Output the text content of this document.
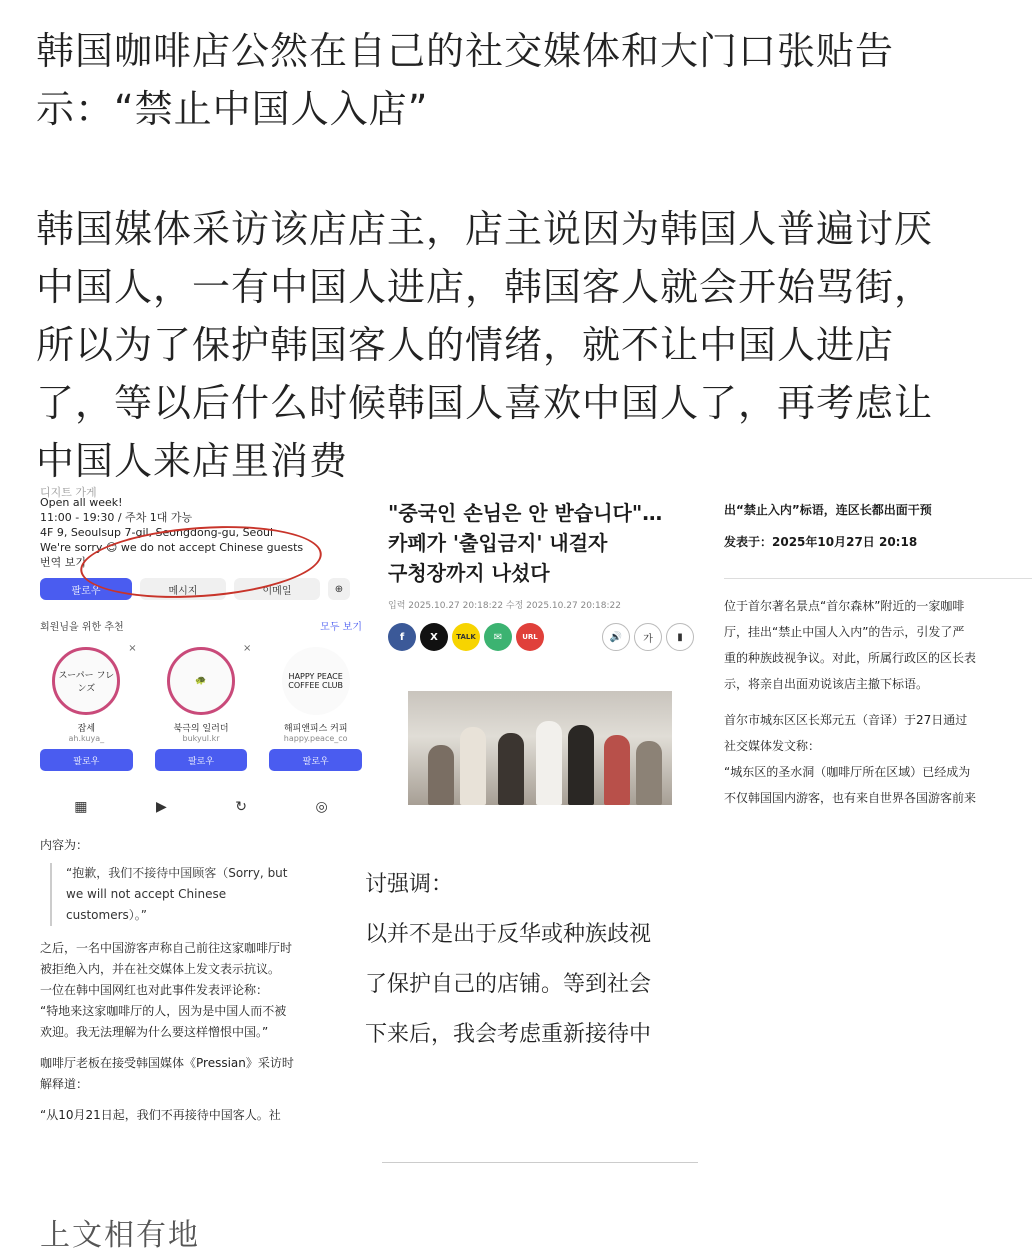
韩国咖啡店公然在自己的社交媒体和大门口张贴告
示：“禁止中国人入店”
韩国媒体采访该店店主，店主说因为韩国人普遍讨厌
中国人，一有中国人进店，韩国客人就会开始骂街，
所以为了保护韩国客人的情绪，就不让中国人进店
了，等以后什么时候韩国人喜欢中国人了，再考虑让
中国人来店里消费
디지트 가게
Open all week!
11:00 - 19:30 / 주차 1대 가능
4F 9, Seoulsup 7-gil, Seongdong-gu, Seoul
We're sorry 😊 we do not accept Chinese guests
번역 보기
팔로우	메시지	이메일	⊕
회원님을 위한 추천	모두 보기
×
スーパー フレンズ
잡세
ah.kuya_
팔로우
×
🐢
북극의 일러더
bukyul.kr
팔로우
HAPPY PEACE COFFEE CLUB
해피앤피스 커피
happy.peace_co
팔로우
▦	▶	↻	◎
"중국인 손님은 안 받습니다"…
카페가 '출입금지' 내걸자
구청장까지 나섰다
입력 2025.10.27 20:18:22 수정 2025.10.27 20:18:22
f	X	TALK	✉	URL	🔊	가	▮
出“禁止入内”标语，连区长都出面干预
发表于：2025年10月27日 20:18
位于首尔著名景点“首尔森林”附近的一家咖啡
厅，挂出“禁止中国人入内”的告示，引发了严
重的种族歧视争议。对此，所属行政区的区长表
示，将亲自出面劝说该店主撤下标语。
首尔市城东区区长郑元五（音译）于27日通过
社交媒体发文称：
“城东区的圣水洞（咖啡厅所在区域）已经成为
不仅韩国国内游客，也有来自世界各国游客前来
内容为：
“抱歉，我们不接待中国顾客（Sorry, but
we will not accept Chinese
customers）。”
之后，一名中国游客声称自己前往这家咖啡厅时
被拒绝入内，并在社交媒体上发文表示抗议。
一位在韩中国网红也对此事件发表评论称：
“特地来这家咖啡厅的人，因为是中国人而不被
欢迎。我无法理解为什么要这样憎恨中国。”
咖啡厅老板在接受韩国媒体《Pressian》采访时
解释道：
“从10月21日起，我们不再接待中国客人。社
讨强调：
以并不是出于反华或种族歧视
了保护自己的店铺。等到社会
下来后，我会考虑重新接待中
上文相有地
